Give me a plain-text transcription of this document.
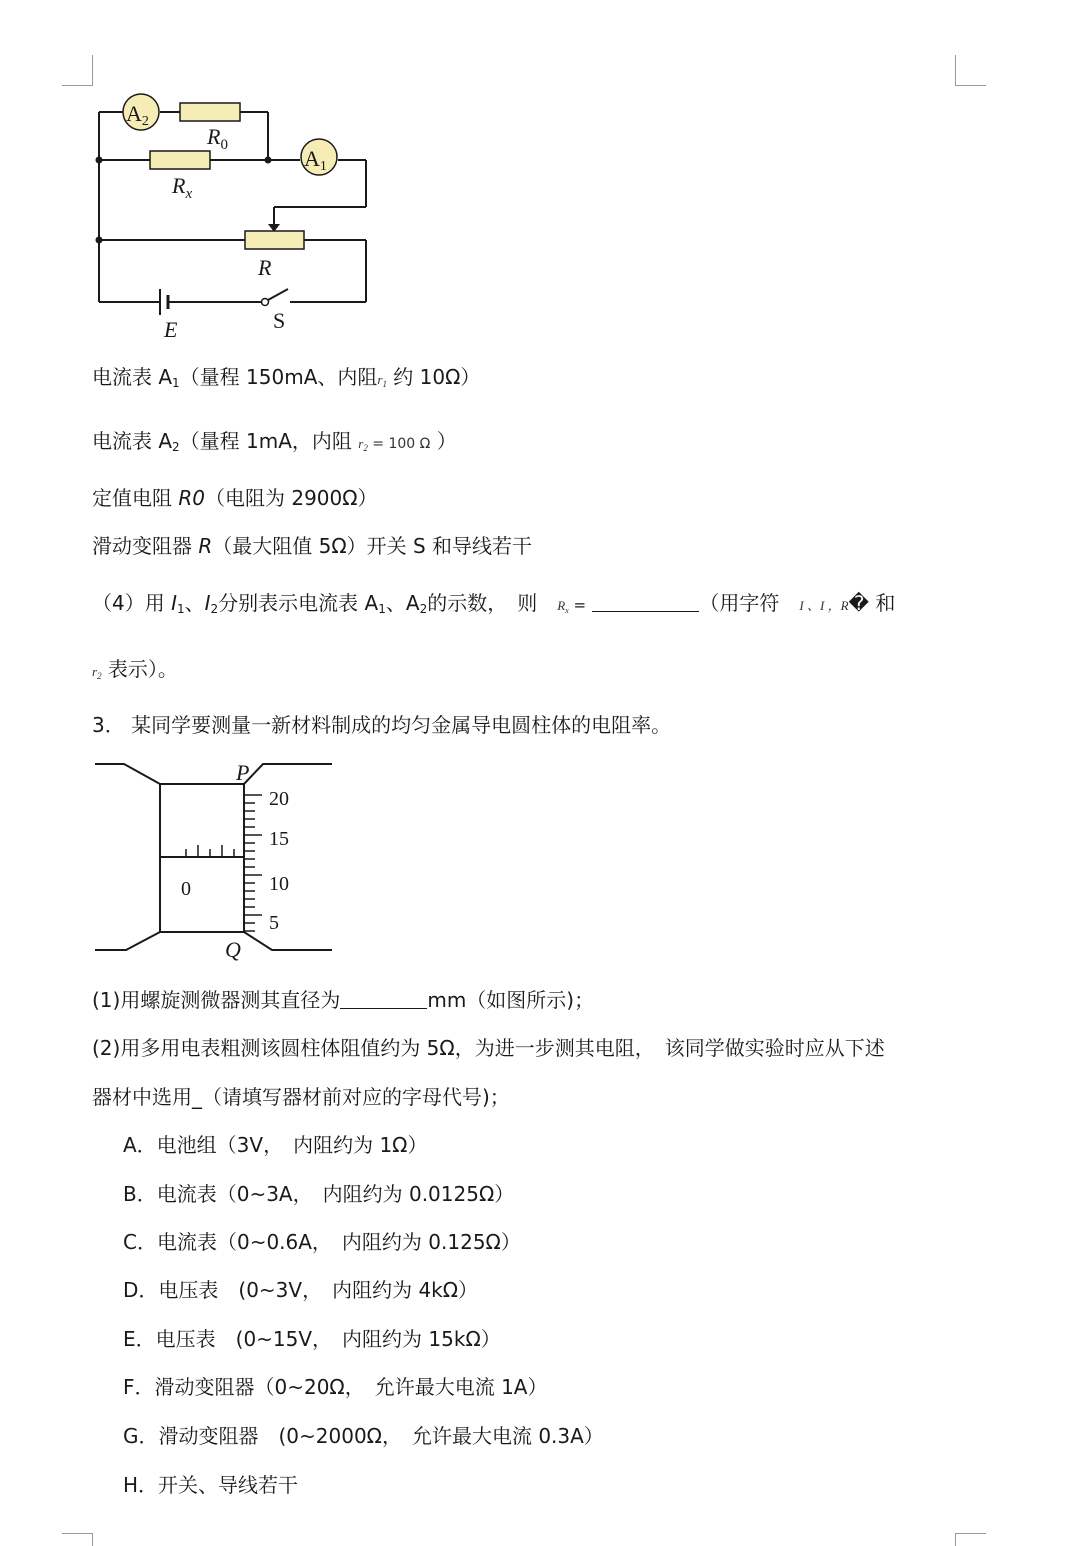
A2
A1
$R_0$
$R_x$
R
E	S
电流表 $A_1$（量程 150mA、内阻$r_1$ 约 10Ω）
电流表 $A_2$（量程 1mA，内阻 $r_2 = 100$ Ω ）
定值电阻 R0（电阻为 2900Ω）
滑动变阻器 R（最大阻值 5Ω）开关 S 和导线若干
（4）用 $I_1$、$I_2$分别表示电流表 $A_1$、$A_2$的示数，　则　$R_x$ =	（用字符　I 、I ，R� 和
$r_2$ 表示）。
3． 某同学要测量一新材料制成的均匀金属导电圆柱体的电阻率。
P
Q
0
20
15
10
5
(1)用螺旋测微器测其直径为	mm（如图所示)；
(2)用多用电表粗测该圆柱体阻值约为 5Ω，为进一步测其电阻，　该同学做实验时应从下述
器材中选用_（请填写器材前对应的字母代号)；
A．电池组（3V，　内阻约为 1Ω）
B．电流表（0~3A，　内阻约为 0.0125Ω）
C．电流表（0~0.6A，　内阻约为 0.125Ω）
D．电压表　(0~3V，　内阻约为 4kΩ）
E．电压表　(0~15V，　内阻约为 15kΩ）
F．滑动变阻器（0~20Ω，　允许最大电流 1A）
G．滑动变阻器　(0~2000Ω，　允许最大电流 0.3A）
H．开关、导线若干
